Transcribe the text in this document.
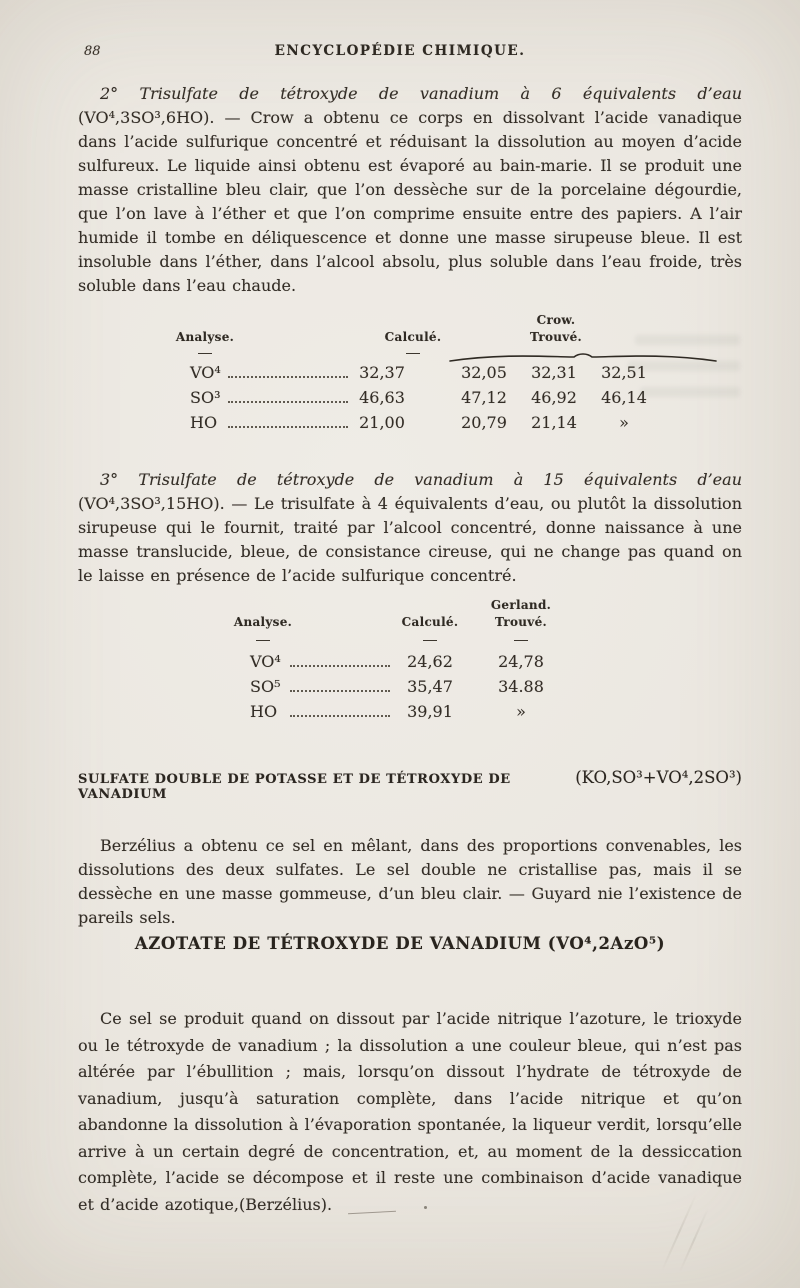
88	ENCYCLOPÉDIE CHIMIQUE.

2° Trisulfate de tétroxyde de vanadium à 6 équivalents d’eau
(VO⁴,3SO³,6HO). — Crow a obtenu ce corps en dissolvant l’acide vanadique dans l’acide sulfurique concentré et réduisant la dissolution au moyen d’acide sulfureux. Le liquide ainsi obtenu est évaporé au bain-marie. Il se produit une masse cristalline bleu clair, que l’on dessèche sur de la porcelaine dégourdie, que l’on lave à l’éther et que l’on comprime ensuite entre des papiers. A l’air humide il tombe en déliquescence et donne une masse sirupeuse bleue. Il est insoluble dans l’éther, dans l’alcool absolu, plus soluble dans l’eau froide, très soluble dans l’eau chaude.

Crow.
Analyse.	Calculé.	Trouvé.
VO⁴	32,37	32,05	32,31	32,51
SO³	46,63	47,12	46,92	46,14
HO	21,00	20,79	21,14	»

3° Trisulfate de tétroxyde de vanadium à 15 équivalents d’eau
(VO⁴,3SO³,15HO). — Le trisulfate à 4 équivalents d’eau, ou plutôt la dissolution sirupeuse qui le fournit, traité par l’alcool concentré, donne naissance à une masse translucide, bleue, de consistance cireuse, qui ne change pas quand on le laisse en présence de l’acide sulfurique concentré.

Gerland.
Analyse.	Calculé.	Trouvé.
VO⁴	24,62	24,78
SO⁵	35,47	34.88
HO	39,91	»
SULFATE DOUBLE DE POTASSE ET DE TÉTROXYDE DE VANADIUM
(KO,SO³+VO⁴,2SO³)

Berzélius a obtenu ce sel en mêlant, dans des proportions convenables, les dissolutions des deux sulfates. Le sel double ne cristallise pas, mais il se dessèche en une masse gommeuse, d’un bleu clair. — Guyard nie l’existence de pareils sels.

AZOTATE DE TÉTROXYDE DE VANADIUM (VO⁴,2AzO⁵)

Ce sel se produit quand on dissout par l’acide nitrique l’azoture, le trioxyde ou le tétroxyde de vanadium ; la dissolution a une couleur bleue, qui n’est pas altérée par l’ébullition ; mais, lorsqu’on dissout l’hydrate de tétroxyde de vanadium, jusqu’à saturation complète, dans l’acide nitrique et qu’on abandonne la dissolution à l’évaporation spontanée, la liqueur verdit, lorsqu’elle arrive à un certain degré de concentration, et, au moment de la dessiccation complète, l’acide se décompose et il reste une combinaison d’acide vanadique et d’acide azotique,(Berzélius).
